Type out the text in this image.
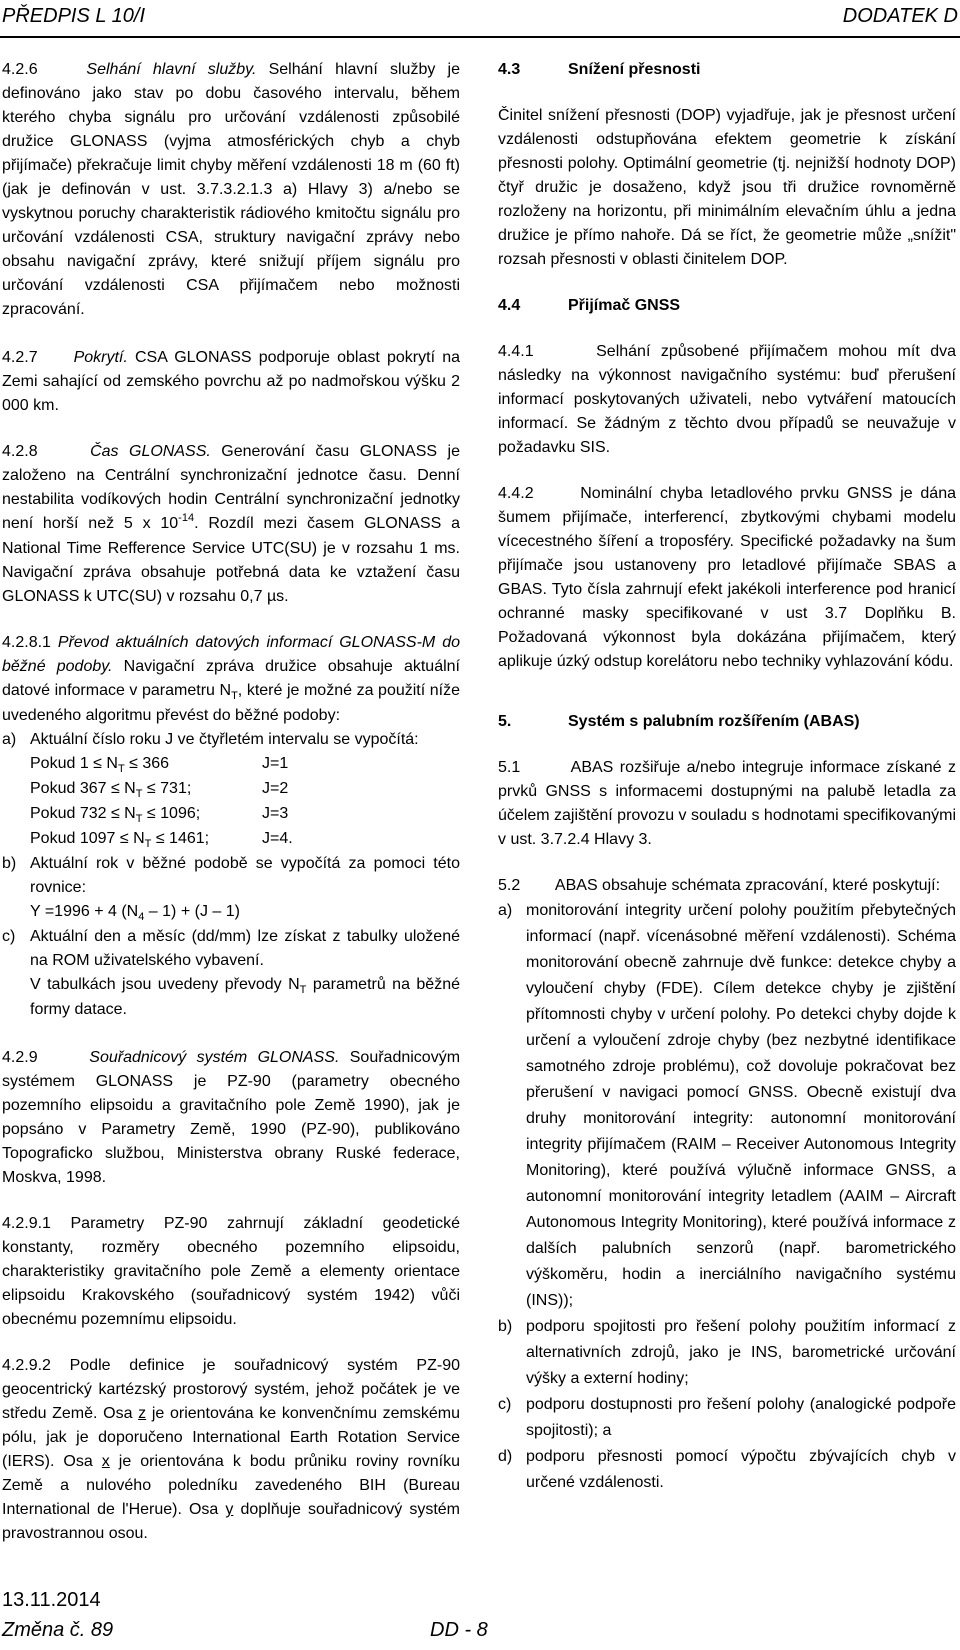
PŘEDPIS L 10/I	DODATEK D

4.2.6	Selhání hlavní služby. Selhání hlavní služby je definováno jako stav po dobu časového intervalu, během kterého chyba signálu pro určování vzdálenosti způsobilé družice GLONASS (vyjma atmosférických chyb a chyb přijímače) překračuje limit chyby měření vzdálenosti 18 m (60 ft) (jak je definován v ust. 3.7.3.2.1.3 a) Hlavy 3) a/nebo se vyskytnou poruchy charakteristik rádiového kmitočtu signálu pro určování vzdálenosti CSA, struktury navigační zprávy nebo obsahu navigační zprávy, které snižují příjem signálu pro určování vzdálenosti CSA přijímačem nebo možnosti zpracování.

4.2.7 Pokrytí. CSA GLONASS podporuje oblast pokrytí na Zemi sahající od zemského povrchu až po nadmořskou výšku 2 000 km.

4.2.8	Čas GLONASS. Generování času GLONASS je založeno na Centrální synchronizační jednotce času. Denní nestabilita vodíkových hodin Centrální synchronizační jednotky není horší než 5 x $10^{-14}$. Rozdíl mezi časem GLONASS a National Time Refference Service UTC(SU) je v rozsahu 1 ms. Navigační zpráva obsahuje potřebná data ke vztažení času GLONASS k UTC(SU) v rozsahu 0,7 µs.

4.2.8.1 Převod aktuálních datových informací GLONASS-M do běžné podoby. Navigační zpráva družice obsahuje aktuální datové informace v parametru $N_T$, které je možné za použití níže uvedeného algoritmu převést do běžné podoby:

a) Aktuální číslo roku J ve čtyřletém intervalu se vypočítá:
Pokud $1 \le N_T \le 366$	J=1
Pokud $367 \le N_T \le 731$;	J=2
Pokud $732 \le N_T \le 1096$;	J=3
Pokud $1097 \le N_T \le 1461$;	J=4.
b) Aktuální rok v běžné podobě se vypočítá za pomoci této rovnice:
Y =1996 + 4 $(N_4 - 1) + (J - 1)$
c) Aktuální den a měsíc (dd/mm) lze získat z tabulky uložené na ROM uživatelského vybavení.
V tabulkách jsou uvedeny převody $N_T$ parametrů na běžné formy datace.

4.2.9	Souřadnicový systém GLONASS. Souřadnicovým systémem GLONASS je PZ-90 (parametry obecného pozemního elipsoidu a gravitačního pole Země 1990), jak je popsáno v Parametry Země, 1990 (PZ-90), publikováno Topograficko službou, Ministerstva obrany Ruské federace, Moskva, 1998.

4.2.9.1 Parametry PZ-90 zahrnují základní geodetické konstanty, rozměry obecného pozemního elipsoidu, charakteristiky gravitačního pole Země a elementy orientace elipsoidu Krakovského (souřadnicový systém 1942) vůči obecnému pozemnímu elipsoidu.

4.2.9.2 Podle definice je souřadnicový systém PZ-90 geocentrický kartézský prostorový systém, jehož počátek je ve středu Země. Osa z je orientována ke konvenčnímu zemskému pólu, jak je doporučeno International Earth Rotation Service (IERS). Osa x je orientována k bodu průniku roviny rovníku Země a nulového poledníku zavedeného BIH (Bureau International de l'Herue). Osa y doplňuje souřadnicový systém pravostrannou osou.

4.3	Snížení přesnosti

Činitel snížení přesnosti (DOP) vyjadřuje, jak je přesnost určení vzdálenosti odstupňována efektem geometrie k získání přesnosti polohy. Optimální geometrie (tj. nejnižší hodnoty DOP) čtyř družic je dosaženo, když jsou tři družice rovnoměrně rozloženy na horizontu, při minimálním elevačním úhlu a jedna družice je přímo nahoře. Dá se říct, že geometrie může „snížit" rozsah přesnosti v oblasti činitelem DOP.

4.4	Přijímač GNSS

4.4.1      Selhání způsobené přijímačem mohou mít dva následky na výkonnost navigačního systému: buď přerušení informací poskytovaných uživateli, nebo vytváření matoucích informací. Se žádným z těchto dvou případů se neuvažuje v požadavku SIS.

4.4.2      Nominální chyba letadlového prvku GNSS je dána šumem přijímače, interferencí, zbytkovými chybami modelu vícecestného šíření a troposféry. Specifické požadavky na šum přijímače jsou ustanoveny pro letadlové přijímače SBAS a GBAS. Tyto čísla zahrnují efekt jakékoli interference pod hranicí ochranné masky specifikované v ust 3.7 Doplňku B. Požadovaná výkonnost byla dokázána přijímačem, který aplikuje úzký odstup korelátoru nebo techniky vyhlazování kódu.

5.	Systém s palubním rozšířením (ABAS)

5.1        ABAS rozšiřuje a/nebo integruje informace získané z prvků GNSS s informacemi dostupnými na palubě letadla za účelem zajištění provozu v souladu s hodnotami specifikovanými v ust. 3.7.2.4 Hlavy 3.

5.2        ABAS obsahuje schémata zpracování, které poskytují:

a) monitorování integrity určení polohy použitím přebytečných informací (např. vícenásobné měření vzdálenosti). Schéma monitorování obecně zahrnuje dvě funkce: detekce chyby a vyloučení chyby (FDE). Cílem detekce chyby je zjištění přítomnosti chyby v určení polohy. Po detekci chyby dojde k určení a vyloučení zdroje chyby (bez nezbytné identifikace samotného zdroje problému), což dovoluje pokračovat bez přerušení v navigaci pomocí GNSS. Obecně existují dva druhy monitorování integrity: autonomní monitorování integrity přijímačem (RAIM – Receiver Autonomous Integrity Monitoring), které používá výlučně informace GNSS, a autonomní monitorování integrity letadlem (AAIM – Aircraft Autonomous Integrity Monitoring), které používá informace z dalších palubních senzorů (např. barometrického výškoměru, hodin a inerciálního navigačního systému (INS));
b) podporu spojitosti pro řešení polohy použitím informací z alternativních zdrojů, jako je INS, barometrické určování výšky a externí hodiny;
c) podporu dostupnosti pro řešení polohy (analogické podpoře spojitosti); a
d) podporu přesnosti pomocí výpočtu zbývajících chyb v určené vzdálenosti.
13.11.2014
Změna č. 89	DD - 8
